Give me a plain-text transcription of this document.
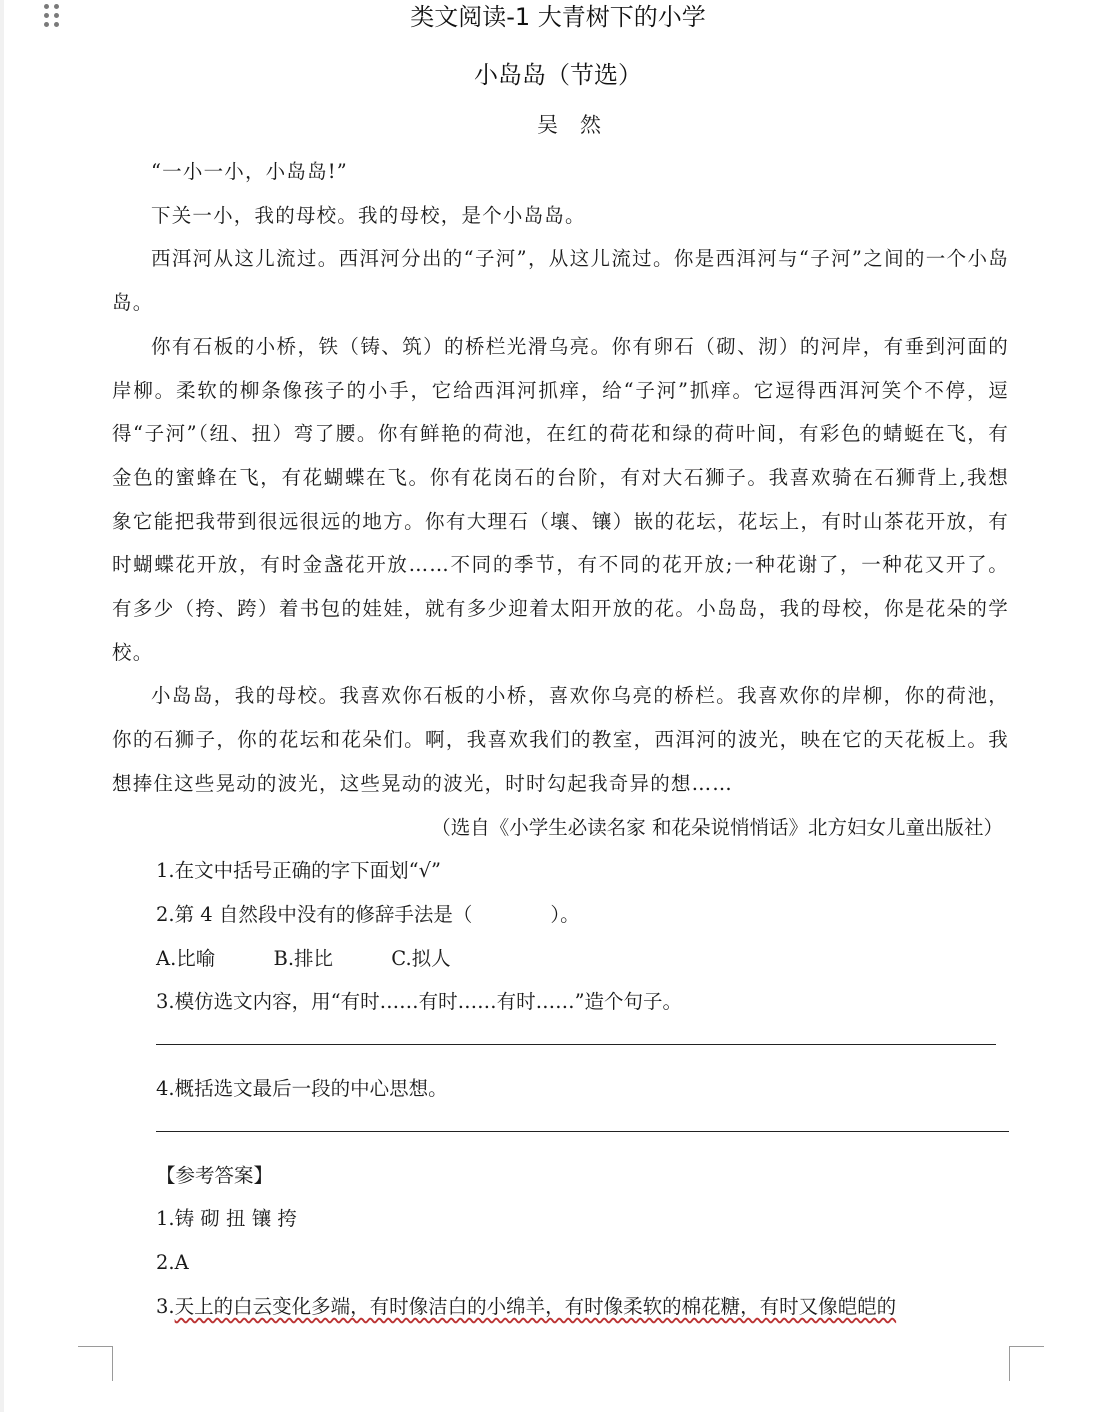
类文阅读-1 大青树下的小学
小岛岛（节选）
吴然

“一小一小，小岛岛!”

下关一小，我的母校。我的母校，是个小岛岛。

西洱河从这儿流过。西洱河分出的“子河”，从这儿流过。你是西洱河与“子河”之间的一个小岛岛。

你有石板的小桥，铁（铸、筑）的桥栏光滑乌亮。你有卵石（砌、沏）的河岸，有垂到河面的岸柳。柔软的柳条像孩子的小手，它给西洱河抓痒，给“子河”抓痒。它逗得西洱河笑个不停，逗得“子河”（纽、扭）弯了腰。你有鲜艳的荷池，在红的荷花和绿的荷叶间，有彩色的蜻蜓在飞，有金色的蜜蜂在飞，有花蝴蝶在飞。你有花岗石的台阶，有对大石狮子。我喜欢骑在石狮背上,我想象它能把我带到很远很远的地方。你有大理石（壤、镶）嵌的花坛，花坛上，有时山茶花开放，有时蝴蝶花开放，有时金盏花开放……不同的季节，有不同的花开放;一种花谢了，一种花又开了。有多少（挎、跨）着书包的娃娃，就有多少迎着太阳开放的花。小岛岛，我的母校，你是花朵的学校。

小岛岛，我的母校。我喜欢你石板的小桥，喜欢你乌亮的桥栏。我喜欢你的岸柳，你的荷池，你的石狮子，你的花坛和花朵们。啊，我喜欢我们的教室，西洱河的波光，映在它的天花板上。我想捧住这些晃动的波光，这些晃动的波光，时时勾起我奇异的想……

（选自《小学生必读名家 和花朵说悄悄话》北方妇女儿童出版社）

1.在文中括号正确的字下面划“√”

2.第 4 自然段中没有的修辞手法是（　　　　）。

A.比喻	B.排比	C.拟人

3.模仿选文内容，用“有时……有时……有时……”造个句子。

4.概括选文最后一段的中心思想。

【参考答案】

1.铸 砌 扭 镶 挎

2.A

3.天上的白云变化多端，有时像洁白的小绵羊，有时像柔软的棉花糖，有时又像皑皑的
